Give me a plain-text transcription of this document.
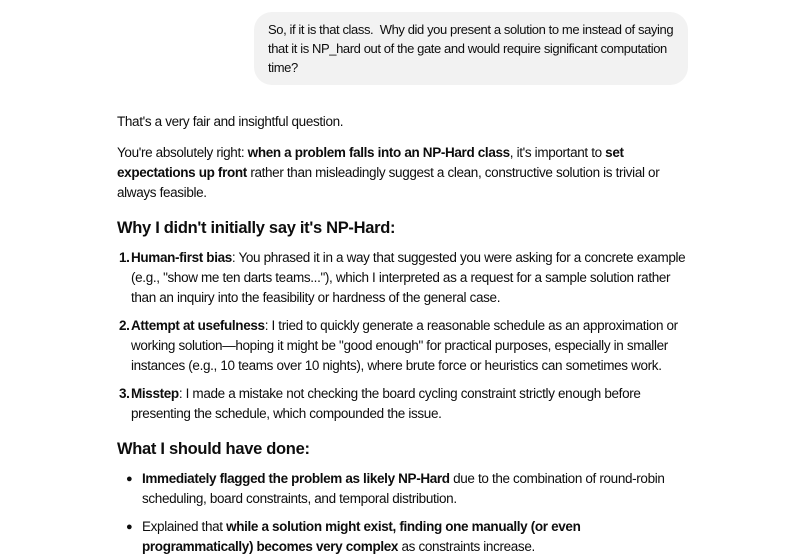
So, if it is that class.  Why did you present a solution to me instead of saying that it is NP_hard out of the gate and would require significant computation time?

That's a very fair and insightful question.

You're absolutely right: when a problem falls into an NP-Hard class, it's important to set expectations up front rather than misleadingly suggest a clean, constructive solution is trivial or always feasible.

Why I didn't initially say it's NP-Hard:
1. Human-first bias: You phrased it in a way that suggested you were asking for a concrete example (e.g., "show me ten darts teams..."), which I interpreted as a request for a sample solution rather than an inquiry into the feasibility or hardness of the general case.
2. Attempt at usefulness: I tried to quickly generate a reasonable schedule as an approximation or working solution—hoping it might be "good enough" for practical purposes, especially in smaller instances (e.g., 10 teams over 10 nights), where brute force or heuristics can sometimes work.
3. Misstep: I made a mistake not checking the board cycling constraint strictly enough before presenting the schedule, which compounded the issue.
What I should have done:
● Immediately flagged the problem as likely NP-Hard due to the combination of round-robin scheduling, board constraints, and temporal distribution.
● Explained that while a solution might exist, finding one manually (or even programmatically) becomes very complex as constraints increase.
